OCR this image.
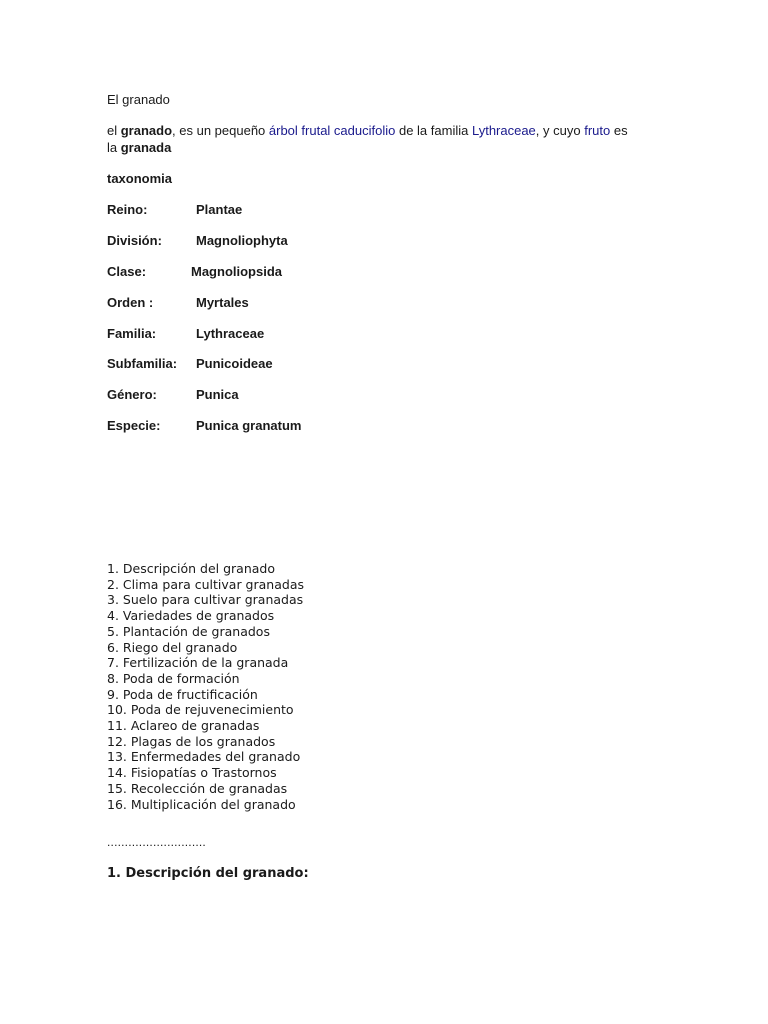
El granado

el granado, es un pequeño árbol frutal caducifolio de la familia Lythraceae, y cuyo fruto es
la granada

taxonomia

Reino:	Plantae
División:	Magnoliophyta
Clase:	Magnoliopsida
Orden :	Myrtales
Familia:	Lythraceae
Subfamilia: Punicoideae
Género:	Punica
Especie:	Punica granatum
1. Descripción del granado
2. Clima para cultivar granadas
3. Suelo para cultivar granadas
4. Variedades de granados
5. Plantación de granados
6. Riego del granado
7. Fertilización de la granada
8. Poda de formación
9. Poda de fructificación
10. Poda de rejuvenecimiento
11. Aclareo de granadas
12. Plagas de los granados
13. Enfermedades del granado
14. Fisiopatías o Trastornos
15. Recolección de granadas
16. Multiplicación del granado
............................

1. Descripción del granado:
